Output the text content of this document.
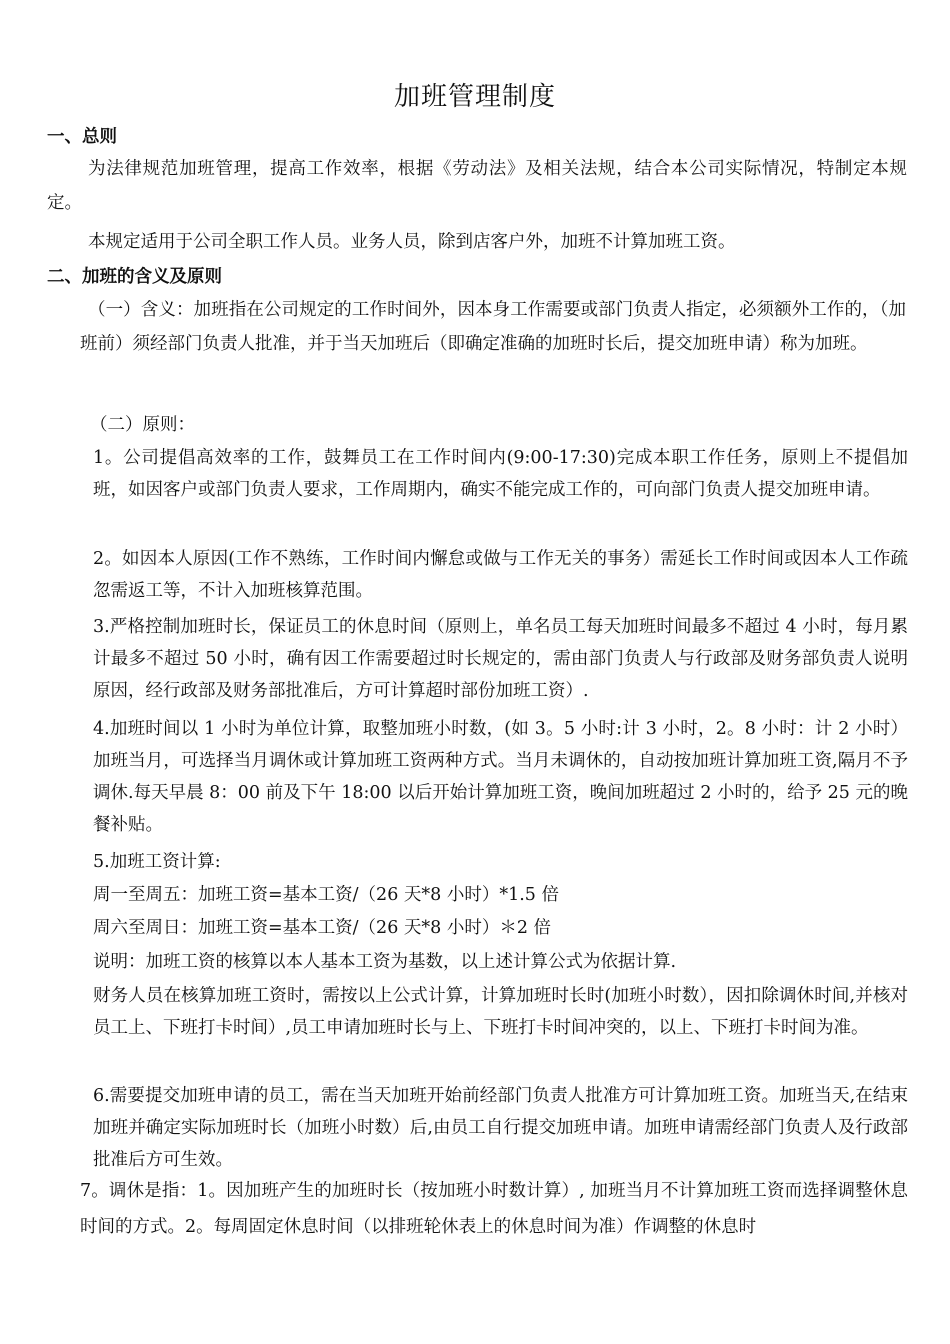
加班管理制度
一、总则
为法律规范加班管理，提高工作效率，根据《劳动法》及相关法规，结合本公司实际情况，特制定本规定。
本规定适用于公司全职工作人员。业务人员，除到店客户外，加班不计算加班工资。
二、加班的含义及原则
（一）含义：加班指在公司规定的工作时间外，因本身工作需要或部门负责人指定，必须额外工作的，（加班前）须经部门负责人批准，并于当天加班后（即确定准确的加班时长后，提交加班申请）称为加班。
（二）原则：
1。公司提倡高效率的工作，鼓舞员工在工作时间内(9:00-17:30)完成本职工作任务，原则上不提倡加班，如因客户或部门负责人要求，工作周期内，确实不能完成工作的，可向部门负责人提交加班申请。
2。如因本人原因(工作不熟练，工作时间内懈怠或做与工作无关的事务）需延长工作时间或因本人工作疏忽需返工等，不计入加班核算范围。
3.严格控制加班时长，保证员工的休息时间（原则上，单名员工每天加班时间最多不超过 4 小时，每月累计最多不超过 50 小时，确有因工作需要超过时长规定的，需由部门负责人与行政部及财务部负责人说明原因，经行政部及财务部批准后，方可计算超时部份加班工资）.
4.加班时间以 1 小时为单位计算，取整加班小时数，(如 3。5 小时:计 3 小时，2。8 小时：计 2 小时）加班当月，可选择当月调休或计算加班工资两种方式。当月未调休的，自动按加班计算加班工资,隔月不予调休.每天早晨 8：00 前及下午 18:00 以后开始计算加班工资，晚间加班超过 2 小时的，给予 25 元的晚餐补贴。
5.加班工资计算:
周一至周五：加班工资=基本工资/（26 天*8 小时）*1.5 倍
周六至周日：加班工资=基本工资/（26 天*8 小时）＊2 倍
说明：加班工资的核算以本人基本工资为基数，以上述计算公式为依据计算.
财务人员在核算加班工资时，需按以上公式计算，计算加班时长时(加班小时数），因扣除调休时间,并核对员工上、下班打卡时间）,员工申请加班时长与上、下班打卡时间冲突的，以上、下班打卡时间为准。
6.需要提交加班申请的员工，需在当天加班开始前经部门负责人批准方可计算加班工资。加班当天,在结束加班并确定实际加班时长（加班小时数）后,由员工自行提交加班申请。加班申请需经部门负责人及行政部批准后方可生效。
7。调休是指：1。因加班产生的加班时长（按加班小时数计算）, 加班当月不计算加班工资而选择调整休息时间的方式。2。每周固定休息时间（以排班轮休表上的休息时间为准）作调整的休息时
